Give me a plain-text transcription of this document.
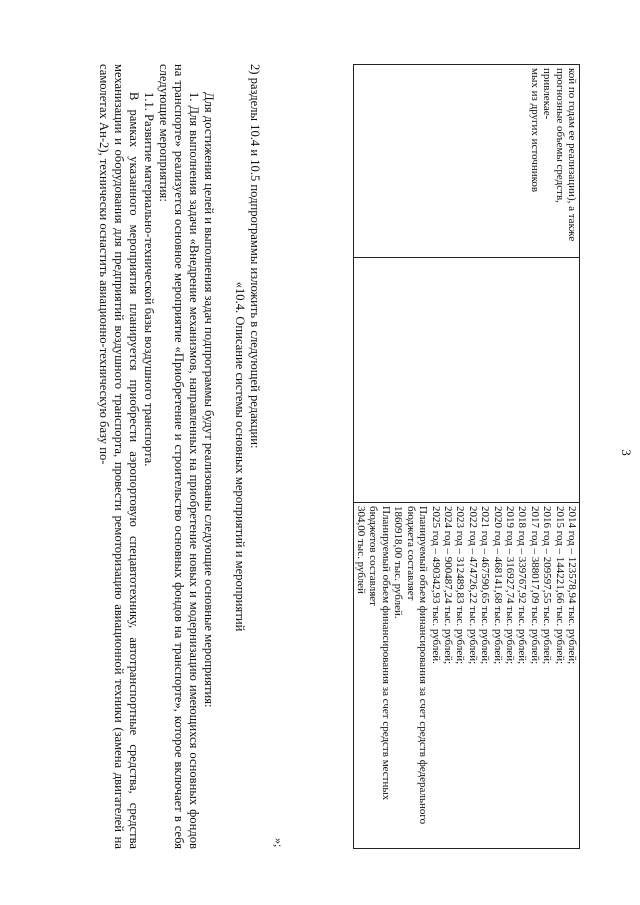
3
кой по годам ее реализации), а также
прогнозные объемы средств, привлекае-
мых из других источников

2014 год – 123578,94 тыс. рублей;
2015 год – 144221,66 тыс. рублей;
2016 год – 209597,55 тыс. рублей;
2017 год – 388017,09 тыс. рублей;
2018 год – 339767,92 тыс. рублей;
2019 год – 316927,74 тыс. рублей;
2020 год – 468141,68 тыс. рублей;
2021 год – 467590,65 тыс. рублей;
2022 год – 474726,22 тыс. рублей;
2023 год – 312489,83 тыс. рублей;
2024 год – 900487,24 тыс. рублей;
2025 год – 490342,93 тыс. рублей.
Планируемый объем финансирования за счет средств федерального бюджета составляет
1860918,00 тыс. рублей.
Планируемый объем финансирования за счет средств местных бюджетов составляет
304,00 тыс. рублей
»;

2) разделы 10.4 и 10.5 подпрограммы изложить в следующей редакции:

«10.4. Описание системы основных мероприятий и мероприятий

Для достижения целей и выполнения задач подпрограммы будут реализованы следующие основные мероприятия:

1. Для выполнения задачи «Внедрение механизмов, направленных на приобретение новых и модернизацию имеющихся основных фондов на транспорте» реализуется основное мероприятие «Приобретение и строительство основных фондов на транспорте», которое включает в себя следующие мероприятия:

1.1. Развитие материально-технической базы воздушного транспорта.

В рамках указанного мероприятия планируется приобрести аэропортовую спецавтотехнику, автотранспортные средства, средства механизации и оборудования для предприятий воздушного транспорта, провести ремоторизацию авиационной техники (замена двигателей на самолетах Ан-2), технически оснастить авиационно-техническую базу по-
